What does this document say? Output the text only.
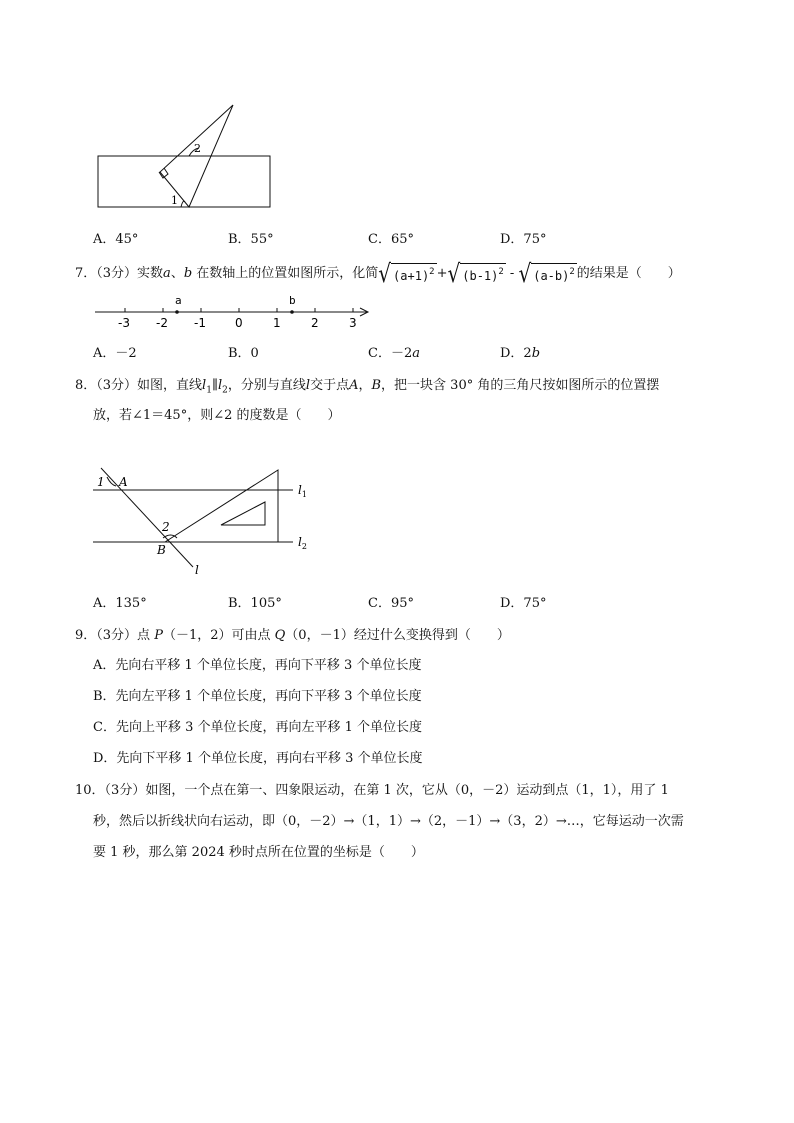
2
1
A．45°	B．55°	C．65°	D．75°
7．（3分）实数a、b 在数轴上的位置如图所示，化简√ $(a+1)^2$ +√ $(b-1)^2$ - √ $(a-b)^2$ 的结果是（　　）
a	b
-3 -2 -1 0	1	2	3
A．－2	B．0	C．－2a	D．2b
8．（3分）如图，直线$l_1\parallel l_2$，分别与直线l交于点A，B，把一块含 30° 角的三角尺按如图所示的位置摆
放，若∠1＝45°，则∠2 的度数是（　　）
1 A
2
B
l
$l_1$
$l_2$
A．135°	B．105°	C．95°	D．75°
9．（3分）点 P（－1，2）可由点 Q（0，－1）经过什么变换得到（　　）
A．先向右平移 1 个单位长度，再向下平移 3 个单位长度
B．先向左平移 1 个单位长度，再向下平移 3 个单位长度
C．先向上平移 3 个单位长度，再向左平移 1 个单位长度
D．先向下平移 1 个单位长度，再向右平移 3 个单位长度
10．（3分）如图，一个点在第一、四象限运动，在第 1 次，它从（0，－2）运动到点（1，1），用了 1
秒，然后以折线状向右运动，即（0，－2）→（1，1）→（2，－1）→（3，2）→…，它每运动一次需
要 1 秒，那么第 2024 秒时点所在位置的坐标是（　　）
